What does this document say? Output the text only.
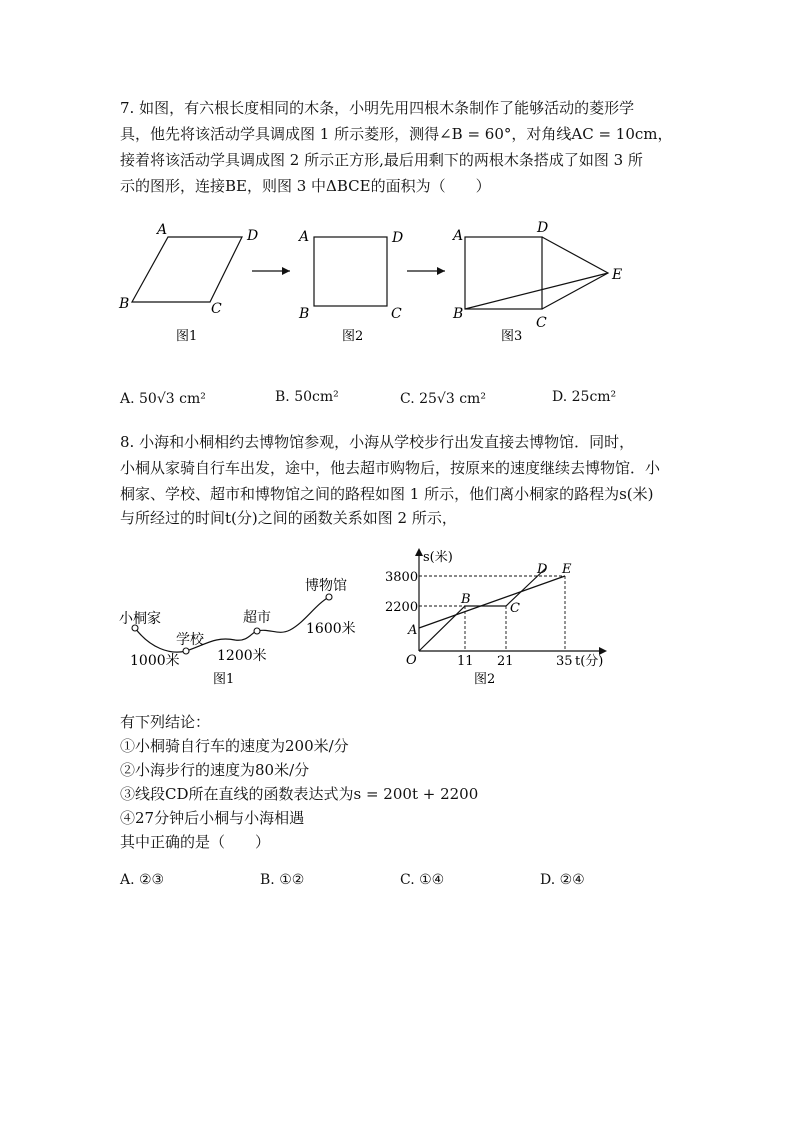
7. 如图，有六根长度相同的木条，小明先用四根木条制作了能够活动的菱形学
具，他先将该活动学具调成图 1 所示菱形，测得∠B = 60°，对角线AC = 10cm，
接着将该活动学具调成图 2 所示正方形,最后用剩下的两根木条搭成了如图 3 所
示的图形，连接BE，则图 3 中ΔBCE的面积为（　　）
A	D
B	C
A	D
B	C
A	D
E
B
C
图1	图2	图3
A. 50√3 cm²	B. 50cm²	C. 25√3 cm²	D. 25cm²
8. 小海和小桐相约去博物馆参观，小海从学校步行出发直接去博物馆．同时，
小桐从家骑自行车出发，途中，他去超市购物后，按原来的速度继续去博物馆．小
桐家、学校、超市和博物馆之间的路程如图 1 所示，他们离小桐家的路程为s(米)
与所经过的时间t(分)之间的函数关系如图 2 所示，
小桐家
学校
超市
博物馆
1000米	1200米
1600米
图1
s(米)
3800
2200
O	11 21	35 t(分)
A
B
C
D E
图2
有下列结论：
①小桐骑自行车的速度为200米/分
②小海步行的速度为80米/分
③线段CD所在直线的函数表达式为s = 200t + 2200
④27分钟后小桐与小海相遇
其中正确的是（　　）
A. ②③	B. ①②	C. ①④	D. ②④
